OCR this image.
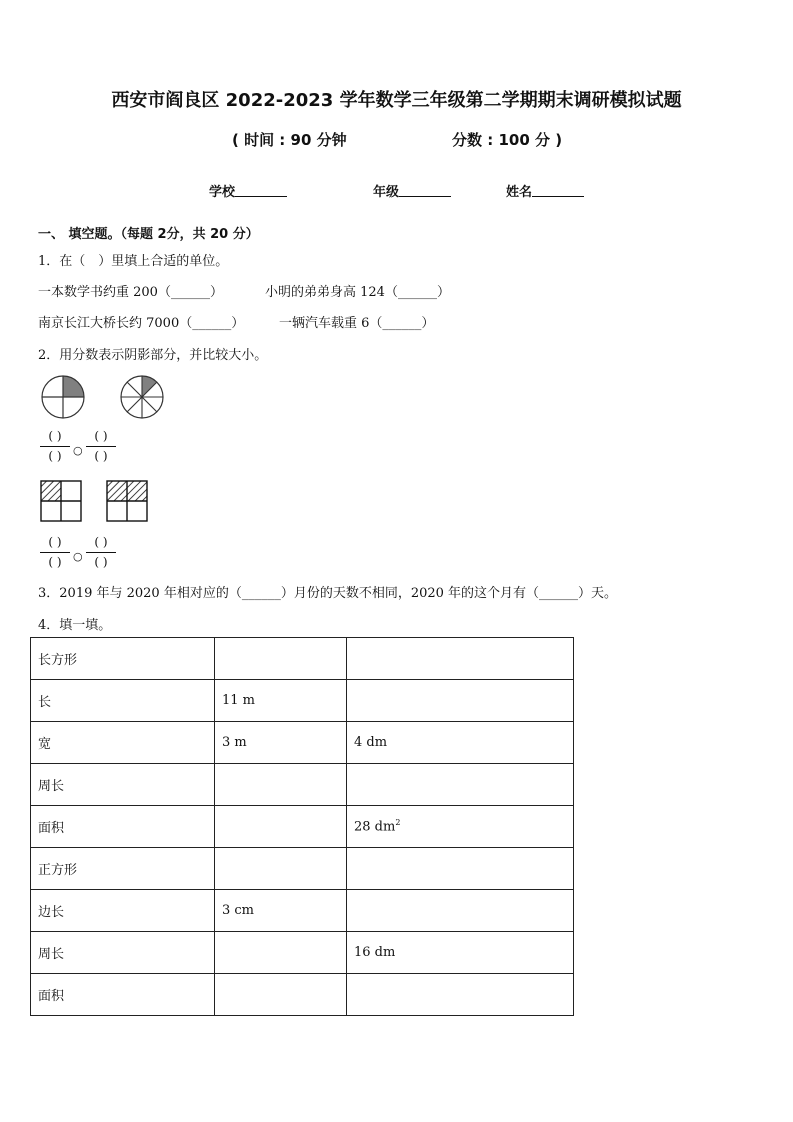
西安市阎良区 2022-2023 学年数学三年级第二学期期末调研模拟试题
( 时间 : 90 分钟	分数 : 100 分 )
学校	年级	姓名
一、 填空题。（每题 2分，共 20 分）
1．在（　）里填上合适的单位。
一本数学书约重 200（______）	小明的弟弟身高 124（______）
南京长江大桥长约 7000（______）	一辆汽车载重 6（______）
2．用分数表示阴影部分，并比较大小。
( )
( )	○
( )
( )
( )
( )	○
( )
( )
3．2019 年与 2020 年相对应的（______）月份的天数不相同，2020 年的这个月有（______）天。
4．填一填。
长方形		
长	11 m	
宽	3 m	4 dm
周长		
面积		28 $dm^2$
正方形		
边长	3 cm	
周长		16 dm
面积		
